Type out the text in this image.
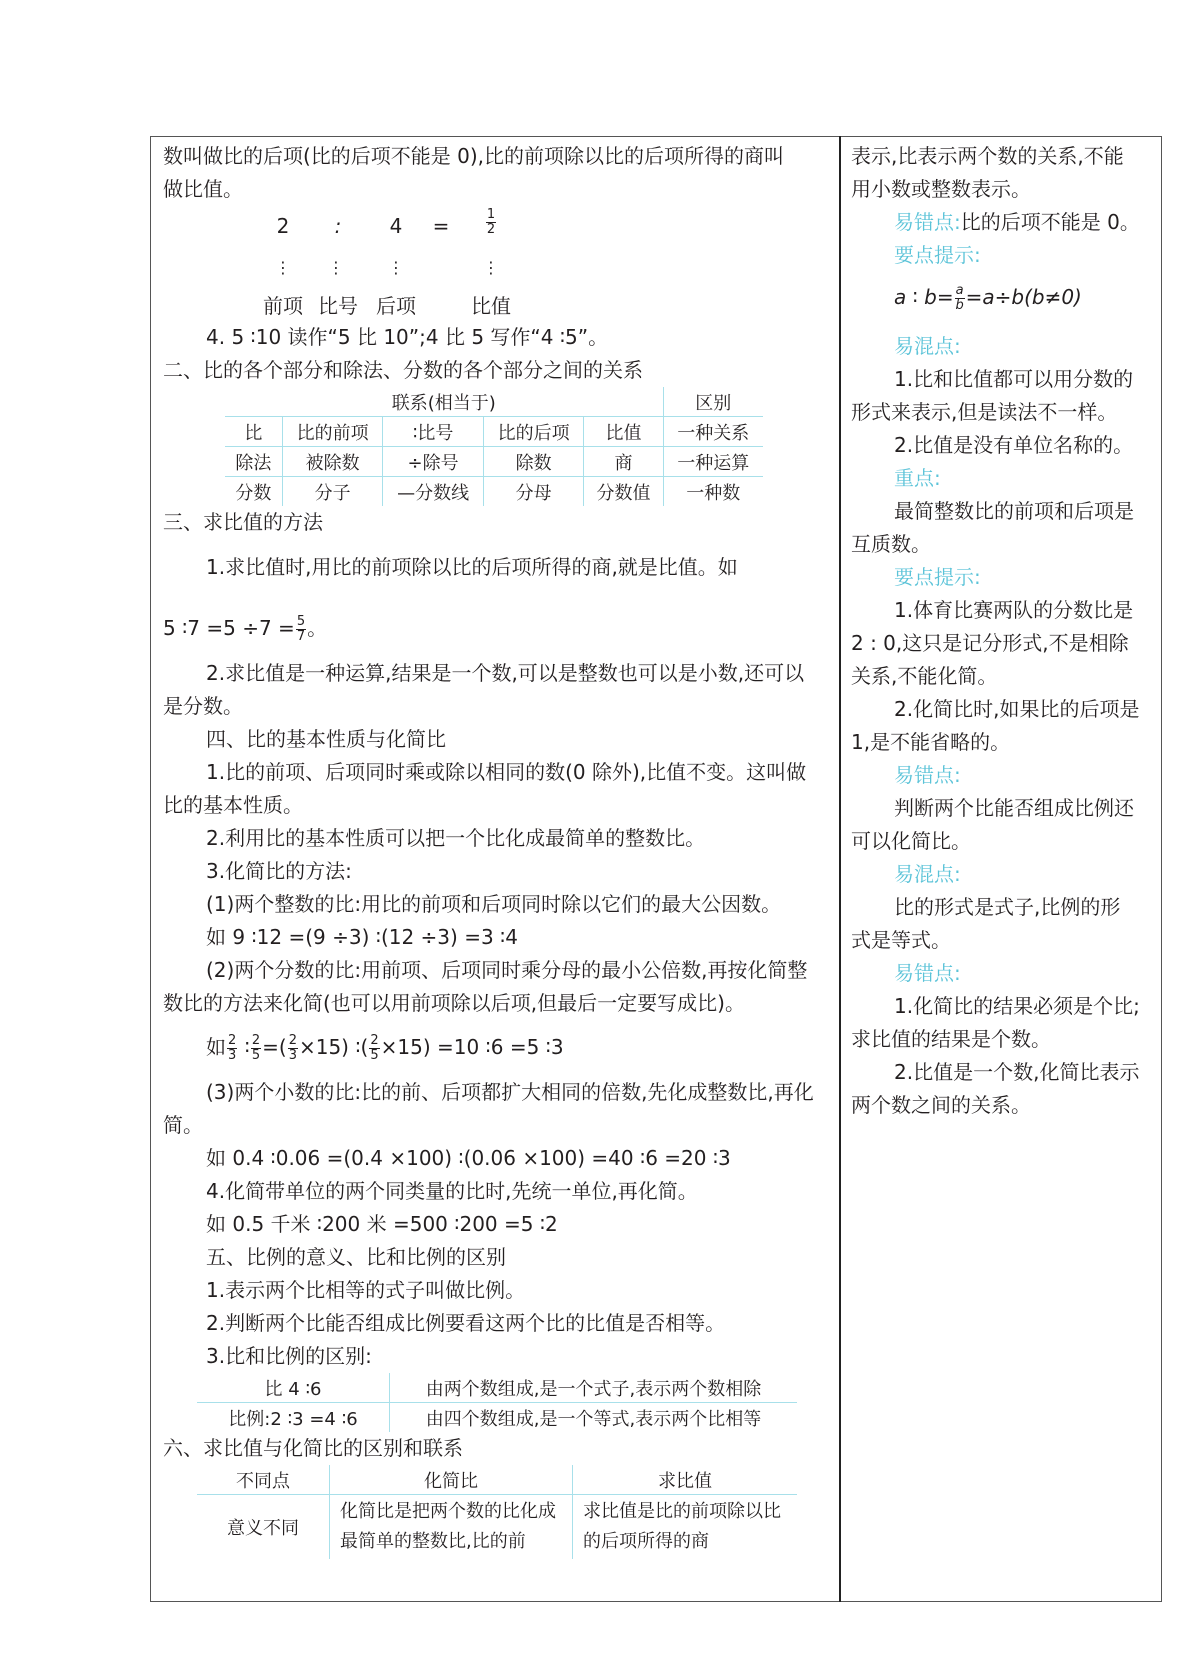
数叫做比的后项(比的后项不能是 0),比的前项除以比的后项所得的商叫
做比值。
2	:	4 =	$\frac{1}{2}$
⋮ ⋮	⋮	⋮
前项 比号 后项	比值
4. 5 ∶10 读作“5 比 10”;4 比 5 写作“4 ∶5”。
二、比的各个部分和除法、分数的各个部分之间的关系
联系(相当于)					区别
比	比的前项	∶比号	比的后项	比值	一种关系
除法	被除数	÷除号	除数	商	一种运算
分数	分子	—分数线	分母	分数值	一种数
三、求比值的方法
1.求比值时,用比的前项除以比的后项所得的商,就是比值。如
5 ∶7 $=5 \div 7 = \frac{5}{7}$ 。
2.求比值是一种运算,结果是一个数,可以是整数也可以是小数,还可以
是分数。
四、比的基本性质与化简比
1.比的前项、后项同时乘或除以相同的数(0 除外),比值不变。这叫做
比的基本性质。
2.利用比的基本性质可以把一个比化成最简单的整数比。
3.化简比的方法:
(1)两个整数的比:用比的前项和后项同时除以它们的最大公因数。
如 9 ∶12 =(9 ÷3) ∶(12 ÷3) =3 ∶4
(2)两个分数的比:用前项、后项同时乘分母的最小公倍数,再按化简整
数比的方法来化简(也可以用前项除以后项,但最后一定要写成比)。
如 $\frac{2}{3}$ ∶ $\frac{2}{5}$ =( $\frac{2}{3} \times 15$) ∶( $\frac{2}{5} \times 15) =10$ ∶6 =5 ∶3
(3)两个小数的比:比的前、后项都扩大相同的倍数,先化成整数比,再化
简。
如 0.4 ∶0.06 =(0.4 ×100) ∶(0.06 ×100) =40 ∶6 =20 ∶3
4.化简带单位的两个同类量的比时,先统一单位,再化简。
如 0.5 千米 ∶200 米 =500 ∶200 =5 ∶2
五、比例的意义、比和比例的区别
1.表示两个比相等的式子叫做比例。
2.判断两个比能否组成比例要看这两个比的比值是否相等。
3.比和比例的区别:
比 4 ∶6	由两个数组成,是一个式子,表示两个数相除
比例:2 ∶3 =4 ∶6	由四个数组成,是一个等式,表示两个比相等
六、求比值与化简比的区别和联系
不同点	化简比	求比值
意义不同	化简比是把两个数的比化成最简单的整数比,比的前	求比值是比的前项除以比的后项所得的商
表示,比表示两个数的关系,不能
用小数或整数表示。
易错点:比的后项不能是 0。
要点提示:
a ∶ $b= \frac{a}{b} =a\div b(b\ne 0)$
易混点:
1.比和比值都可以用分数的
形式来表示,但是读法不一样。
2.比值是没有单位名称的。
重点:
最简整数比的前项和后项是
互质数。
要点提示:
1.体育比赛两队的分数比是
2 : 0,这只是记分形式,不是相除
关系,不能化简。
2.化简比时,如果比的后项是
1,是不能省略的。
易错点:
判断两个比能否组成比例还
可以化简比。
易混点:
比的形式是式子,比例的形
式是等式。
易错点:
1.化简比的结果必须是个比;
求比值的结果是个数。
2.比值是一个数,化简比表示
两个数之间的关系。
